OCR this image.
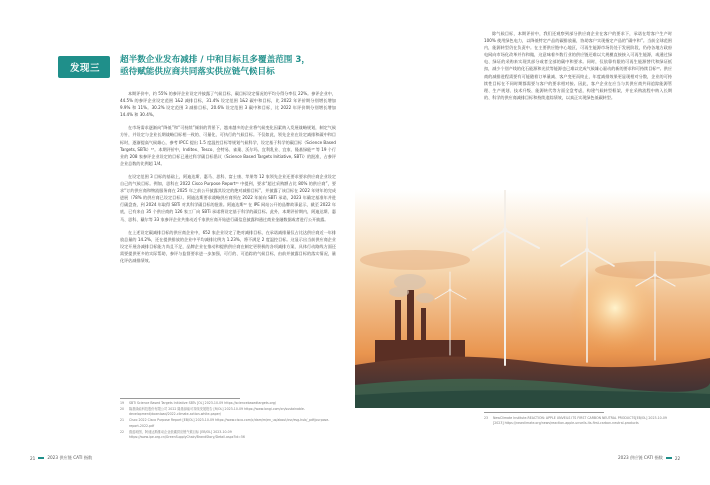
发现三
超半数企业发布减排 / 中和目标且多覆盖范围 3，
亟待赋能供应商共同落实供应链气候目标

本期评价中，约 55% 的参评企业设定并披露了气候目标，碳目标设定情况的平均分得分率仅 22%。参评企业中，44.5% 的参评企业设定范围 1&2 减排目标，31.4% 设定范围 1&2 碳中和目标，比 2022 年评价期分别增长增加 9.9% 和 11%。30.2% 设定范围 3 减排目标，20.6% 设定范围 3 碳中和目标，比 2022 年评价期分别增长增加 14.4% 和 30.4%。

在市场需求逐渐向“降低”和“可持续”倾斜的背景下，越来越多的企业将气候变化因素纳入发展战略规划，制定气候方针，并设定与企业长期战略目标相一致的、可量化、可执行的气候目标。不仅如此，领先企业在设定减排和碳中和目标时，逐渐提高气候雄心，参考 IPCC 提出 1.5 度温控目标等规划气候科学，设定基于科学的碳目标（Science Based Targets, SBTs）¹⁹。本期评价中，Inditex、Tesco、会特易、雀巢、沃尔玛、宜利乳业、宜家、隆基绿能¹⁹ 等 19 个行业的 208 家参评企业设定的目标已通过科学碳目标倡议（Science Based Targets Initiative, SBTi）的批准，占参评企业总数的比例超 1/4。

在设定范围 3 目标的基础上，阿迪达斯、惠马、思科、富士康、苹果等 12 家领先企业还要求要求供应商企业设定自己的气候目标。例如，思科在 2022 Cisco Purpose Report²¹ 中提到，要求“超过采购额占比 80% 的供应商”，要求“订约供应商和物流服务商在 2025 年之前公开披露其设定的绝对减排目标”，并披露了该目标在 2022 年财年的完成进展（78% 的供应商已设定目标）。阿迪达斯要求战略供应商须在 2022 年前向 SBTi 承诺，2023 年确定基准年并进行碳盘查，到 2024 年取得 SBTi 对其科学碳目标的批准。阿迪达斯²² 在 IPE 网站公开的品牌故事显示，截至 2022 年底，已有来自 35 个供应商的 126 家工厂向 SBTi 承诺将设定基于科学的碳目标。此外，本期评价期内，阿迪达斯、惠马、思科、戴尔等 33 家参评企业共推动近千家供应商开始进行碳信息披露和通过商业金融数据或者进行公开披露。

在上述设定碳减排目标的供应商企业中，652 家企业设定了绝对减排目标，在承诺减排量仅占比达供应商近一年排放总量的 14.2%，还在提供排放的企业中平均减排比例为 1.23%，将不满足 2 度温控目标。这显示出当前供应商企业设定开展各减排目标能力尚且不足，品牌企业在推动和提供供应商在制定更积极的各项减排方案、具体行动路线方面还需要提供更多的实际帮助，参评与监督要求进一步加强，可行的、可追踪的气候目标，由前并披露目标的落实情况，量化评估减排绩效。

19	SBTi Science Based Targets Initiative SBTs [OL] 2023-10-09 https://sciencebasedtargets.org/
20	隆基绿能科技股份有限公司 2022 隆基绿能可持续发展报告 [R/OL] 2023-10-09 https://www.longi.com/cn/sustainable-development/download/2022-climate-action-white-paper/
21	Cisco 2022 Cisco Purpose Report [EB/OL] 2023-10-09 https://www.cisco.com/c/dam/m/en_us/about/csr/esg-hub/_pdf/purpose-report-2022.pdf
22	蔚蓝地图，阿迪达斯推动企业低碳供应链气候目标 [EB/OL] 2023-10-09 https://www.ipe.org.cn/GreenSupplyChain/BrandStory/Detail.aspx?id=56
21	2023 供应链 CATI 指数

除气候目标，本期评价中，我们还观察到部分供应商企业在客户的要求下，承诺在给客户生产时 100% 使用绿色电力，以降低特定产品的碳排放量，协助客户实现指定产品的“碳中和”。当前全球范围内，能源转型仍在负责中。在主要供应链中心地区，可再生能源市场仍处于发展阶段，仍待各地方政府电网向市场化改革并作和做，这意味着多数行业的供应链还难以大规模直接接入可再生能源，或通过绿电、绿证的采购来实现其部分或者全部的碳中和要求。同时，仅依靠有限的可再生能源替代和绿证抵扣，减少个别产线的化石能源和光伏等能源也已难以完成气候雄心驱动的新的要求和可持续目标²³。供应商的减排进程需要有可能随着订单量减、客户变更而终止，年度减排效果更显现相对分散，企业的可持续性目标在不同时期都需要与客户的要求相对接。因此，客户企业在应当与其供应商共同追踪能源管理、生产规划、技术升级、能源转代等方面全盘考虑，构建气候转型框架，并在采购流程中纳入长期的、科学的供应商减排目标和持续追踪绩效，以真正实现绿色低碳转型。

23	NewClimate Institute.REACTION: APPLE UNVEILS ITS FIRST CARBON NEUTRAL PRODUCTS[EB/OL] 2023-10-09 [2023] https://newclimate.org/news/reaction-apple-unveils-its-first-carbon-neutral-products
2023 供应链 CATI 指数	22
